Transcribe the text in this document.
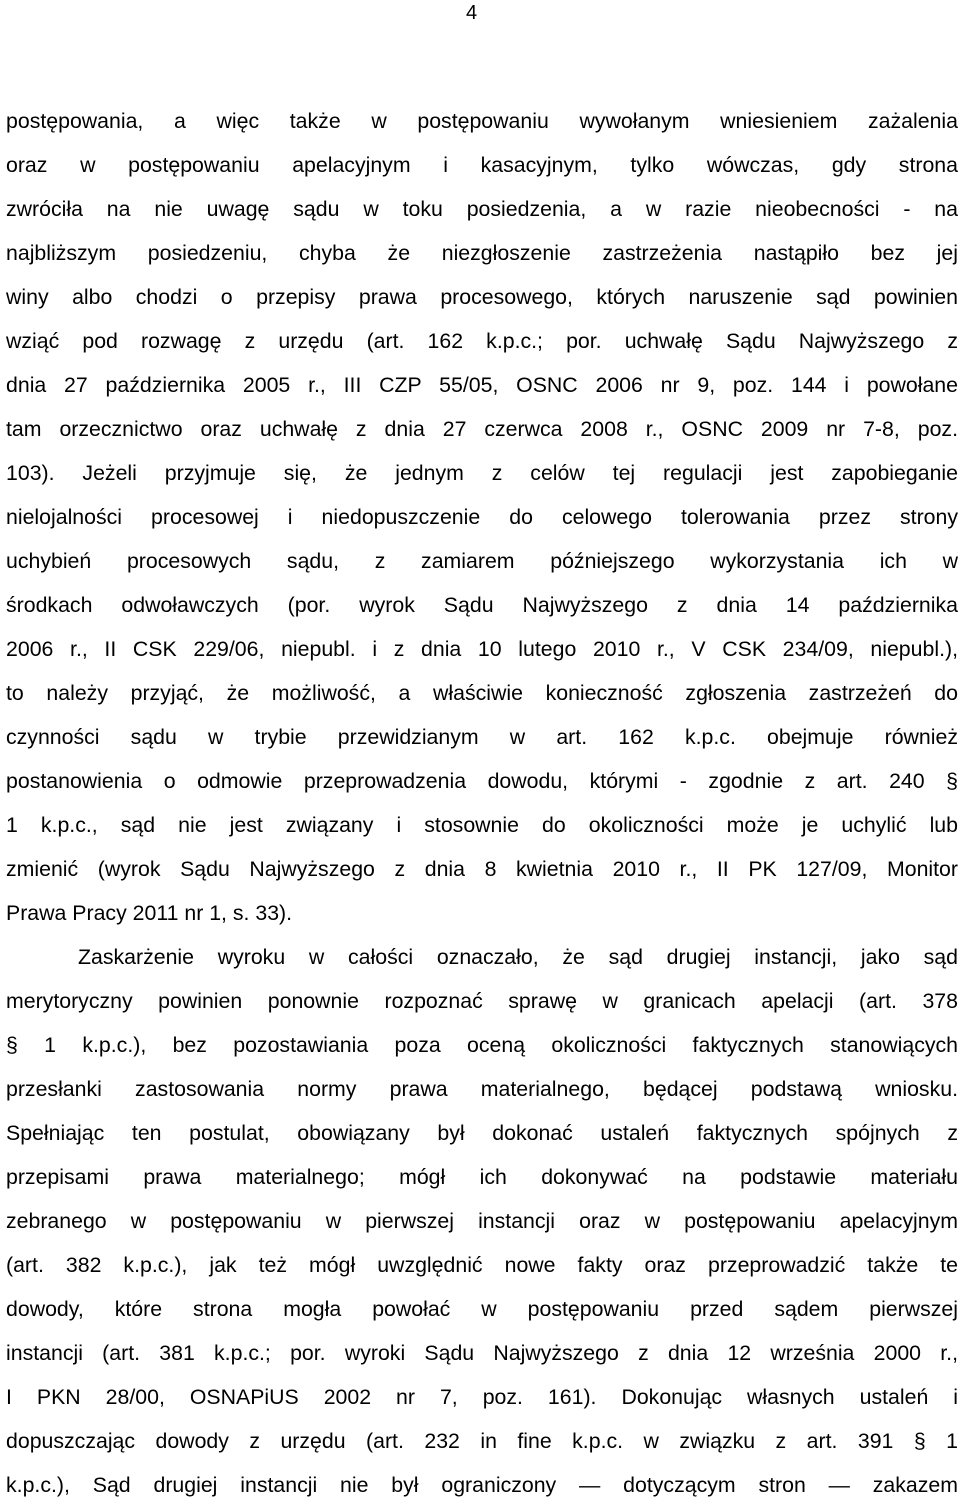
4
postępowania, a więc także w postępowaniu wywołanym wniesieniem zażalenia
oraz w postępowaniu apelacyjnym i kasacyjnym, tylko wówczas, gdy strona
zwróciła na nie uwagę sądu w toku posiedzenia, a w razie nieobecności - na
najbliższym posiedzeniu, chyba że niezgłoszenie zastrzeżenia nastąpiło bez jej
winy albo chodzi o przepisy prawa procesowego, których naruszenie sąd powinien
wziąć pod rozwagę z urzędu (art. 162 k.p.c.; por. uchwałę Sądu Najwyższego z
dnia 27 października 2005 r., III CZP 55/05, OSNC 2006 nr 9, poz. 144 i powołane
tam orzecznictwo oraz uchwałę z dnia 27 czerwca 2008 r., OSNC 2009 nr 7-8, poz.
103). Jeżeli przyjmuje się, że jednym z celów tej regulacji jest zapobieganie
nielojalności procesowej i niedopuszczenie do celowego tolerowania przez strony
uchybień procesowych sądu, z zamiarem późniejszego wykorzystania ich w
środkach odwoławczych (por. wyrok Sądu Najwyższego z dnia 14 października
2006 r., II CSK 229/06, niepubl. i z dnia 10 lutego 2010 r., V CSK 234/09, niepubl.),
to należy przyjąć, że możliwość, a właściwie konieczność zgłoszenia zastrzeżeń do
czynności sądu w trybie przewidzianym w art. 162 k.p.c. obejmuje również
postanowienia o odmowie przeprowadzenia dowodu, którymi - zgodnie z art. 240 §
1 k.p.c., sąd nie jest związany i stosownie do okoliczności może je uchylić lub
zmienić (wyrok Sądu Najwyższego z dnia 8 kwietnia 2010 r., II PK 127/09, Monitor
Prawa Pracy 2011 nr 1, s. 33).
Zaskarżenie wyroku w całości oznaczało, że sąd drugiej instancji, jako sąd
merytoryczny powinien ponownie rozpoznać sprawę w granicach apelacji (art. 378
§ 1 k.p.c.), bez pozostawiania poza oceną okoliczności faktycznych stanowiących
przesłanki zastosowania normy prawa materialnego, będącej podstawą wniosku.
Spełniając ten postulat, obowiązany był dokonać ustaleń faktycznych spójnych z
przepisami prawa materialnego; mógł ich dokonywać na podstawie materiału
zebranego w postępowaniu w pierwszej instancji oraz w postępowaniu apelacyjnym
(art. 382 k.p.c.), jak też mógł uwzględnić nowe fakty oraz przeprowadzić także te
dowody, które strona mogła powołać w postępowaniu przed sądem pierwszej
instancji (art. 381 k.p.c.; por. wyroki Sądu Najwyższego z dnia 12 września 2000 r.,
I PKN 28/00, OSNAPiUS 2002 nr 7, poz. 161). Dokonując własnych ustaleń i
dopuszczając dowody z urzędu (art. 232 in fine k.p.c. w związku z art. 391 § 1
k.p.c.), Sąd drugiej instancji nie był ograniczony — dotyczącym stron — zakazem
